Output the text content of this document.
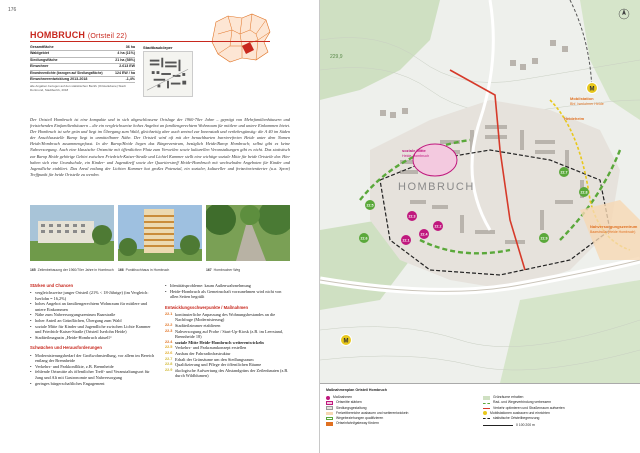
176
HOMBRUCH (Ortsteil 22)
Gesamtfläche	36 ha
Waldgebiet	4 ha (11%)
Siedlungsfläche	21 ha (58%)
Einwohner	2.613 EW
Einwohnerdichte (bezogen auf Siedlungsfläche)	124 EW / ha
Einwohnerentwicklung 2013-2018	-1,4%
alle Angaben bezogen auf den statistischen Bezirk (Ortsteilebene) Stadt Dortmund, Stadtbezirk, 2018
Stadtbaukörper
Der Ortsteil Hombruch ist eine kompakte und in sich abgeschlossene Ortslage der 1960-70er Jahre – geprägt von Mehrfamilienhäusern und freistehenden Einfamilienhäusern – die ein vergleichsweise hohes Angebot an familiengerechtem Wohnraum für mittlere und untere Einkommen bietet. Der Hombruch ist sehr grün und liegt im Übergang zum Wald, gleichzeitig aber auch zentral zur Innenstadt und verkehrsgünstig: die A 40 im Süden der Anschlussstelle Barop liegt in unmittelbarer Nähe. Der Ortsteil wird oft mit der benachbarten barrierefreien Heide unter dem Namen Heide/Hombruch zusammengefasst. In der Barop/Heide liegen das Bürgerzentrum, bezüglich Heide/Barop Hombruch; selbst gibt es keine Nahversorgung. Auch eine klassische Ortsmitte mit öffentlichen Platz zum Verweilen sowie kulturellen Veranstaltungen gibt es nicht. Das statistisch zur Barop Heide gehörige Gebiet zwischen Friedrich-Kaiser-Straße und Lichtel Kammer stellt eine wichtige soziale Mitte für beide Ortsteile dar. Hier haben sich eine Grundschule, ein Kinder- und Jugendtreff sowie der Quartierstreff Heide-Hombruch mit wechselnden Angeboten für Kinder und Jugendliche etabliert. Das Areal entlang der Lichten Kammer hat großes Potenzial, ein sozialer, kultureller und freizeitorientierter (u.a. Sport) Treffpunkt für beide Ortsteile zu werden.
165 Zeilenbebauung der 1960/70er Jahre in Hombruch 166 Punkthochhaus in Hombruch	167 Hombrucher Weg
Stärken und Chancen
• vergleichsweise junger Ortsteil (21% < 18-Jährige) (im Vergleich: Iserlohn = 16,2%)
• hohes Angebot an familiengerechtem Wohnraum für mittlere und untere Einkommen
• Nähe zum Nahversorgungszentrum Baarstraße
• hoher Anteil an Grünflächen, Übergang zum Wald
• soziale Mitte für Kinder und Jugendliche zwischen Lichte Kammer und Friedrich-Kaiser-Straße (Ortsteil Iserlohn Heide)
• Stadtteilmagazin „Heide-Hombruch aktuell“
Schwächen und Herausforderungen
• Modernisierungsbedarf der Großwohnsiedlung, vor allem im Bereich entlang der Brennheide
• Verkehrs- und Parkkonflikte, z.B. Brennheide
• fehlende Ortsmitte als öffentlicher Treff- und Veranstaltungsort für Jung und Alt mit Gastronomie und Nahversorgung
• geringes bürgerschaftliches Engagement
• Identitätsprobleme: kaum Außenwahrnehmung
• Heide-Hombruch als Gemeinschaft vorzunehmen wird nicht von allen Seiten begrüßt
Entwicklungsschwerpunkte / Maßnahmen
22.1 kontinuierliche Anpassung des Wohnungsbestandes an die Nachfrage (Modernisierung)
22.2 Stadtteilzimmer etablieren
22.3 Nahversorgung auf Probe / Start-Up-Kiosk (z.B. im Leerstand, Brennheide 18)
22.4 soziale Mitte Heide-Hombruch weiterentwickeln
22.5 Verkehrs- und Parkraumkonzept erstellen
22.6 Ausbau der Fahrradinfrastruktur
22.7 Erhalt der Grünsäume um den Siedlungsraum
22.8 Qualifizierung und Pflege der öffentlichen Räume
22.9 ökologische Aufwertung des Abstandgrüns der Zeilenbauten (z.B. durch Wildblumen)
M
M
22.3
22.1
22.4
22.2
22.5
22.6
22.7
22.8
22.9
HOMBRUCH
229,9
Mobilstation
Bhf. Iserlohner Heide
Heideheim
soziale Mitte
Heide-Hombruch
Nahversorgungszentrum
Baarstraße (Heide Hombruch)
Maßnahmenplan Ortsteil Hombruch
Maßnahmen
Ortsmitte stärken
Siedlungsgestaltung
Freizeitbereiche ausbauen und weiterentwickeln
Wegebeziehungen qualifizieren
Ortseinfahrt/gateway fördern
Grünräume erhalten
Rad- und Wegeverbindung verbessern
Verkehr optimieren und Straßenraum aufwerten
Mobilstationen ausbauen und einrichten
statistische Ortsteilbegrenzung
0 100 200 m
